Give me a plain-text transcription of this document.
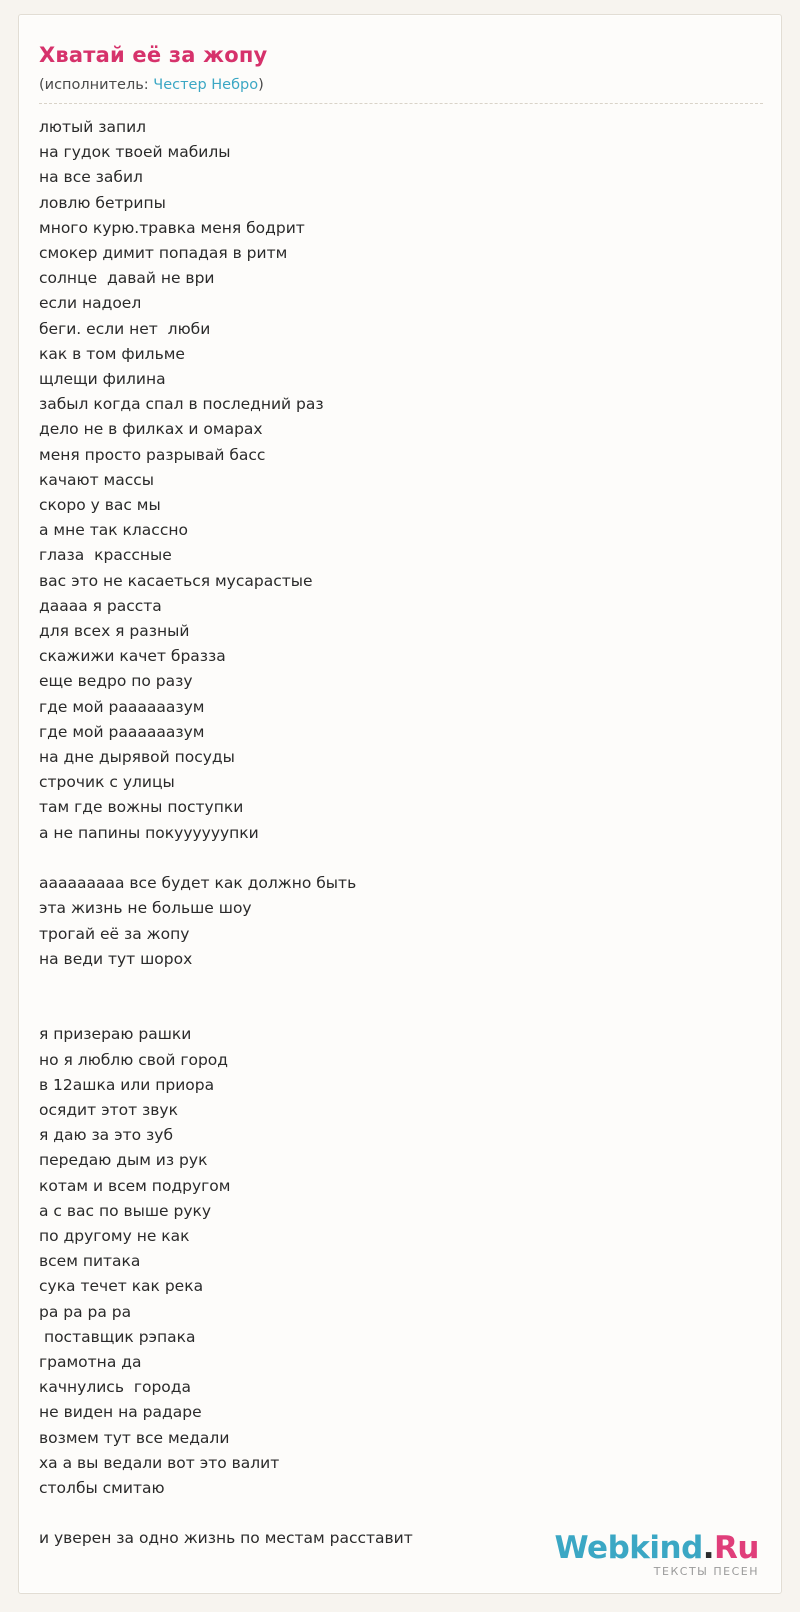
Хватай её за жопу
(исполнитель: Честер Небро)
лютый запил
на гудок твоей мабилы
на все забил
ловлю бетрипы
много курю.травка меня бодрит
смокер димит попадая в ритм
солнце  давай не ври
если надоел
беги. если нет  люби
как в том фильме
щлещи филина
забыл когда спал в последний раз
дело не в филках и омарах
меня просто разрывай басс
качают массы
скоро у вас мы
а мне так классно
глаза  крассные
вас это не касаеться мусарастые
даааа я расста
для всех я разный
скажижи качет бразза
еще ведро по разу
где мой раааааазум
где мой раааааазум
на дне дырявой посуды
строчик с улицы
там где вожны поступки
а не папины покуууууупки

ааааааааа все будет как должно быть
эта жизнь не больше шоу
трогай её за жопу
на веди тут шорох

я призераю рашки
но я люблю свой город
в 12ашка или приора
осядит этот звук
я даю за это зуб
передаю дым из рук
котам и всем подругом
а с вас по выше руку
по другому не как
всем питака
сука течет как река
ра ра ра ра
поставщик рэпака
грамотна да
качнулись  города
не виден на радаре
возмем тут все медали
ха а вы ведали вот это валит
столбы смитаю

и уверен за одно жизнь по местам расставит	Webkind.Ru
ТЕКСТЫ ПЕСЕН
